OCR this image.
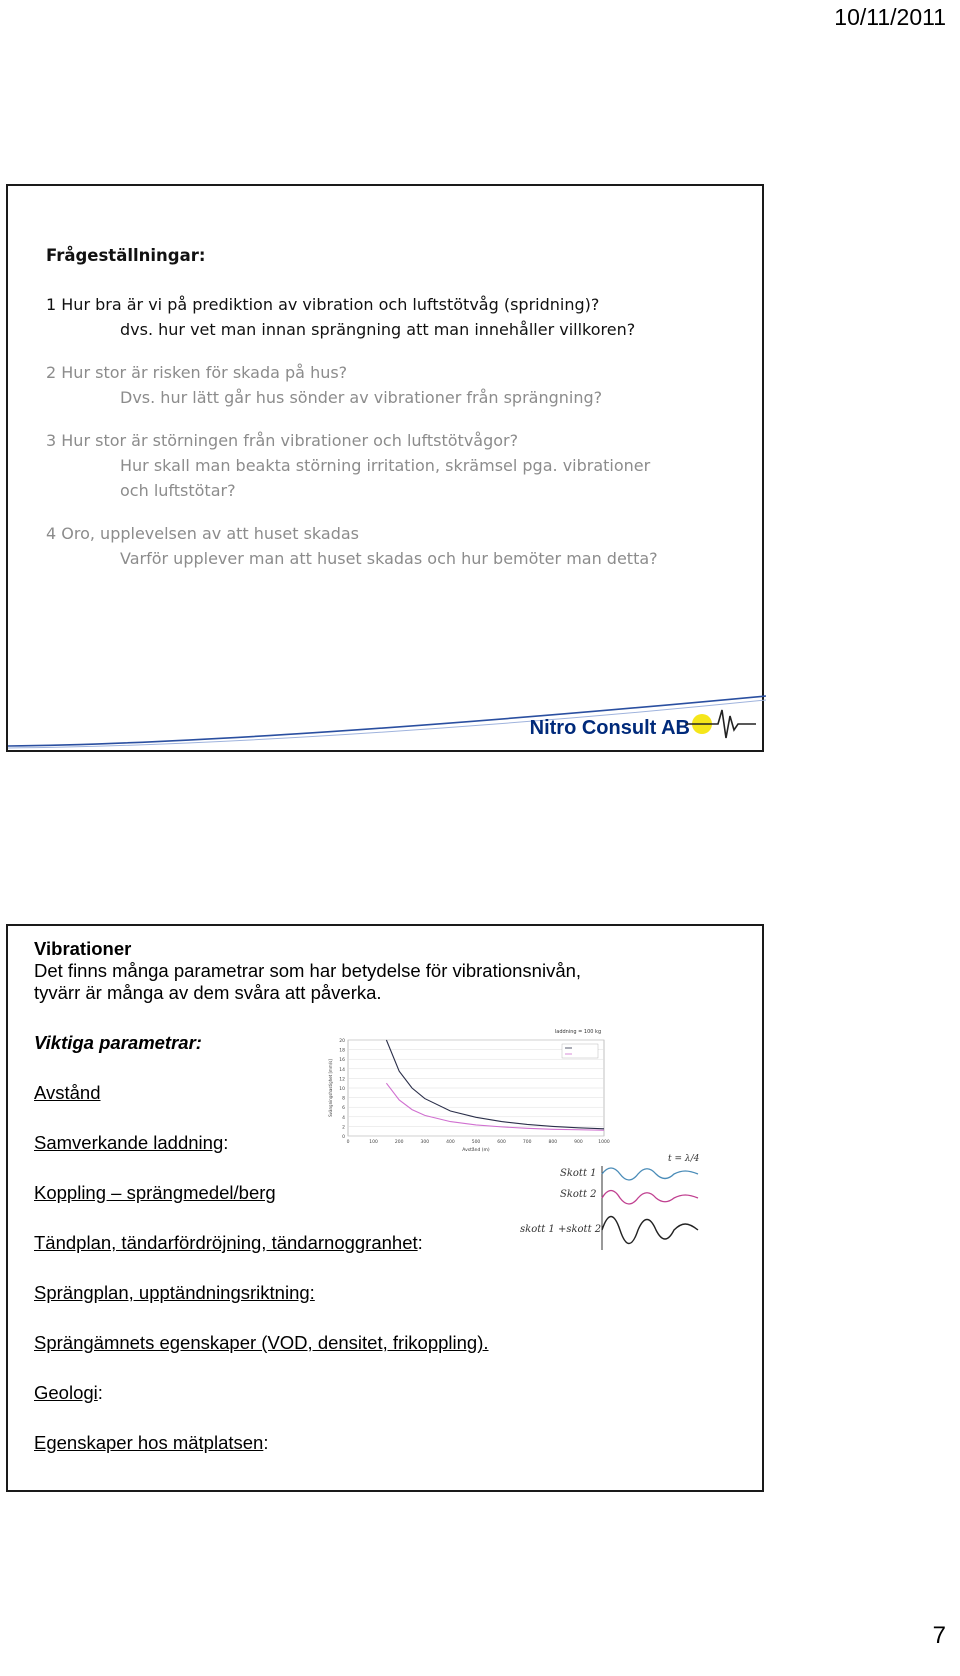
10/11/2011
Frågeställningar:
1 Hur bra är vi på prediktion av vibration och luftstötvåg (spridning)?
dvs. hur vet man innan sprängning att man innehåller villkoren?
2 Hur stor är risken för skada på hus?
Dvs. hur lätt går hus sönder av vibrationer från sprängning?
3 Hur stor är störningen från vibrationer och luftstötvågor?
Hur skall man beakta störning irritation, skrämsel pga. vibrationer
och luftstötar?
4 Oro, upplevelsen av att huset skadas
Varför upplever man att huset skadas och hur bemöter man detta?
Nitro Consult AB
Vibrationer
Det finns många parametrar som har betydelse för vibrationsnivån,
tyvärr är många av dem svåra att påverka.
Viktiga parametrar:
Avstånd
Samverkande laddning:
Koppling – sprängmedel/berg
Tändplan, tändarfördröjning, tändarnoggranhet:
Sprängplan, upptändningsriktning:
Sprängämnets egenskaper (VOD, densitet, frikoppling).
Geologi:
Egenskaper hos mätplatsen:
0
2
4
6
8
10
12
14
16
18
20
0	100	200	300	400	500	600	700	800	900	1000
laddning = 100 kg
Avstånd (m)
Svängningshastighet [mm/s]
Skott 1
Skott 2
skott 1 +skott 2
t = λ/4
7
